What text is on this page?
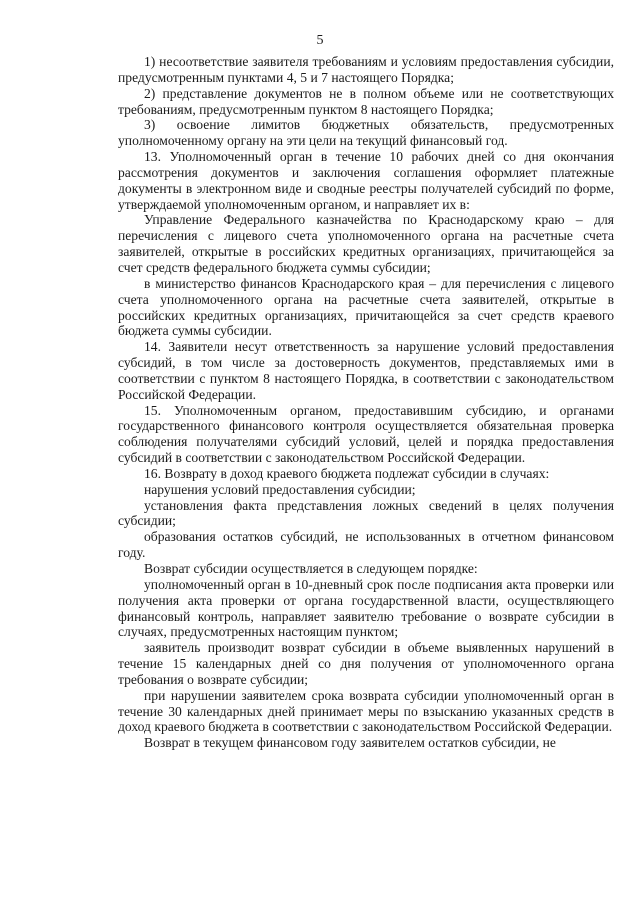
5

1) несоответствие заявителя требованиям и условиям предоставления субсидии, предусмотренным пунктами 4, 5 и 7 настоящего Порядка;

2) представление документов не в полном объеме или не соответствующих требованиям, предусмотренным пунктом 8 настоящего Порядка;

3) освоение лимитов бюджетных обязательств, предусмотренных уполномоченному органу на эти цели на текущий финансовый год.

13. Уполномоченный орган в течение 10 рабочих дней со дня окончания рассмотрения документов и заключения соглашения оформляет платежные документы в электронном виде и сводные реестры получателей субсидий по форме, утверждаемой уполномоченным органом, и направляет их в:

Управление Федерального казначейства по Краснодарскому краю – для перечисления с лицевого счета уполномоченного органа на расчетные счета заявителей, открытые в российских кредитных организациях, причитающейся за счет средств федерального бюджета суммы субсидии;

в министерство финансов Краснодарского края – для перечисления с лицевого счета уполномоченного органа на расчетные счета заявителей, открытые в российских кредитных организациях, причитающейся за счет средств краевого бюджета суммы субсидии.

14. Заявители несут ответственность за нарушение условий предоставления субсидий, в том числе за достоверность документов, представляемых ими в соответствии с пунктом 8 настоящего Порядка, в соответствии с законодательством Российской Федерации.

15. Уполномоченным органом, предоставившим субсидию, и органами государственного финансового контроля осуществляется обязательная проверка соблюдения получателями субсидий условий, целей и порядка предоставления субсидий в соответствии с законодательством Российской Федерации.

16. Возврату в доход краевого бюджета подлежат субсидии в случаях:

нарушения условий предоставления субсидии;

установления факта представления ложных сведений в целях получения субсидии;

образования остатков субсидий, не использованных в отчетном финансовом году.

Возврат субсидии осуществляется в следующем порядке:

уполномоченный орган в 10-дневный срок после подписания акта проверки или получения акта проверки от органа государственной власти, осуществляющего финансовый контроль, направляет заявителю требование о возврате субсидии в случаях, предусмотренных настоящим пунктом;

заявитель производит возврат субсидии в объеме выявленных нарушений в течение 15 календарных дней со дня получения от уполномоченного органа требования о возврате субсидии;

при нарушении заявителем срока возврата субсидии уполномоченный орган в течение 30 календарных дней принимает меры по взысканию указанных средств в доход краевого бюджета в соответствии с законодательством Российской Федерации.

Возврат в текущем финансовом году заявителем остатков субсидии, не
